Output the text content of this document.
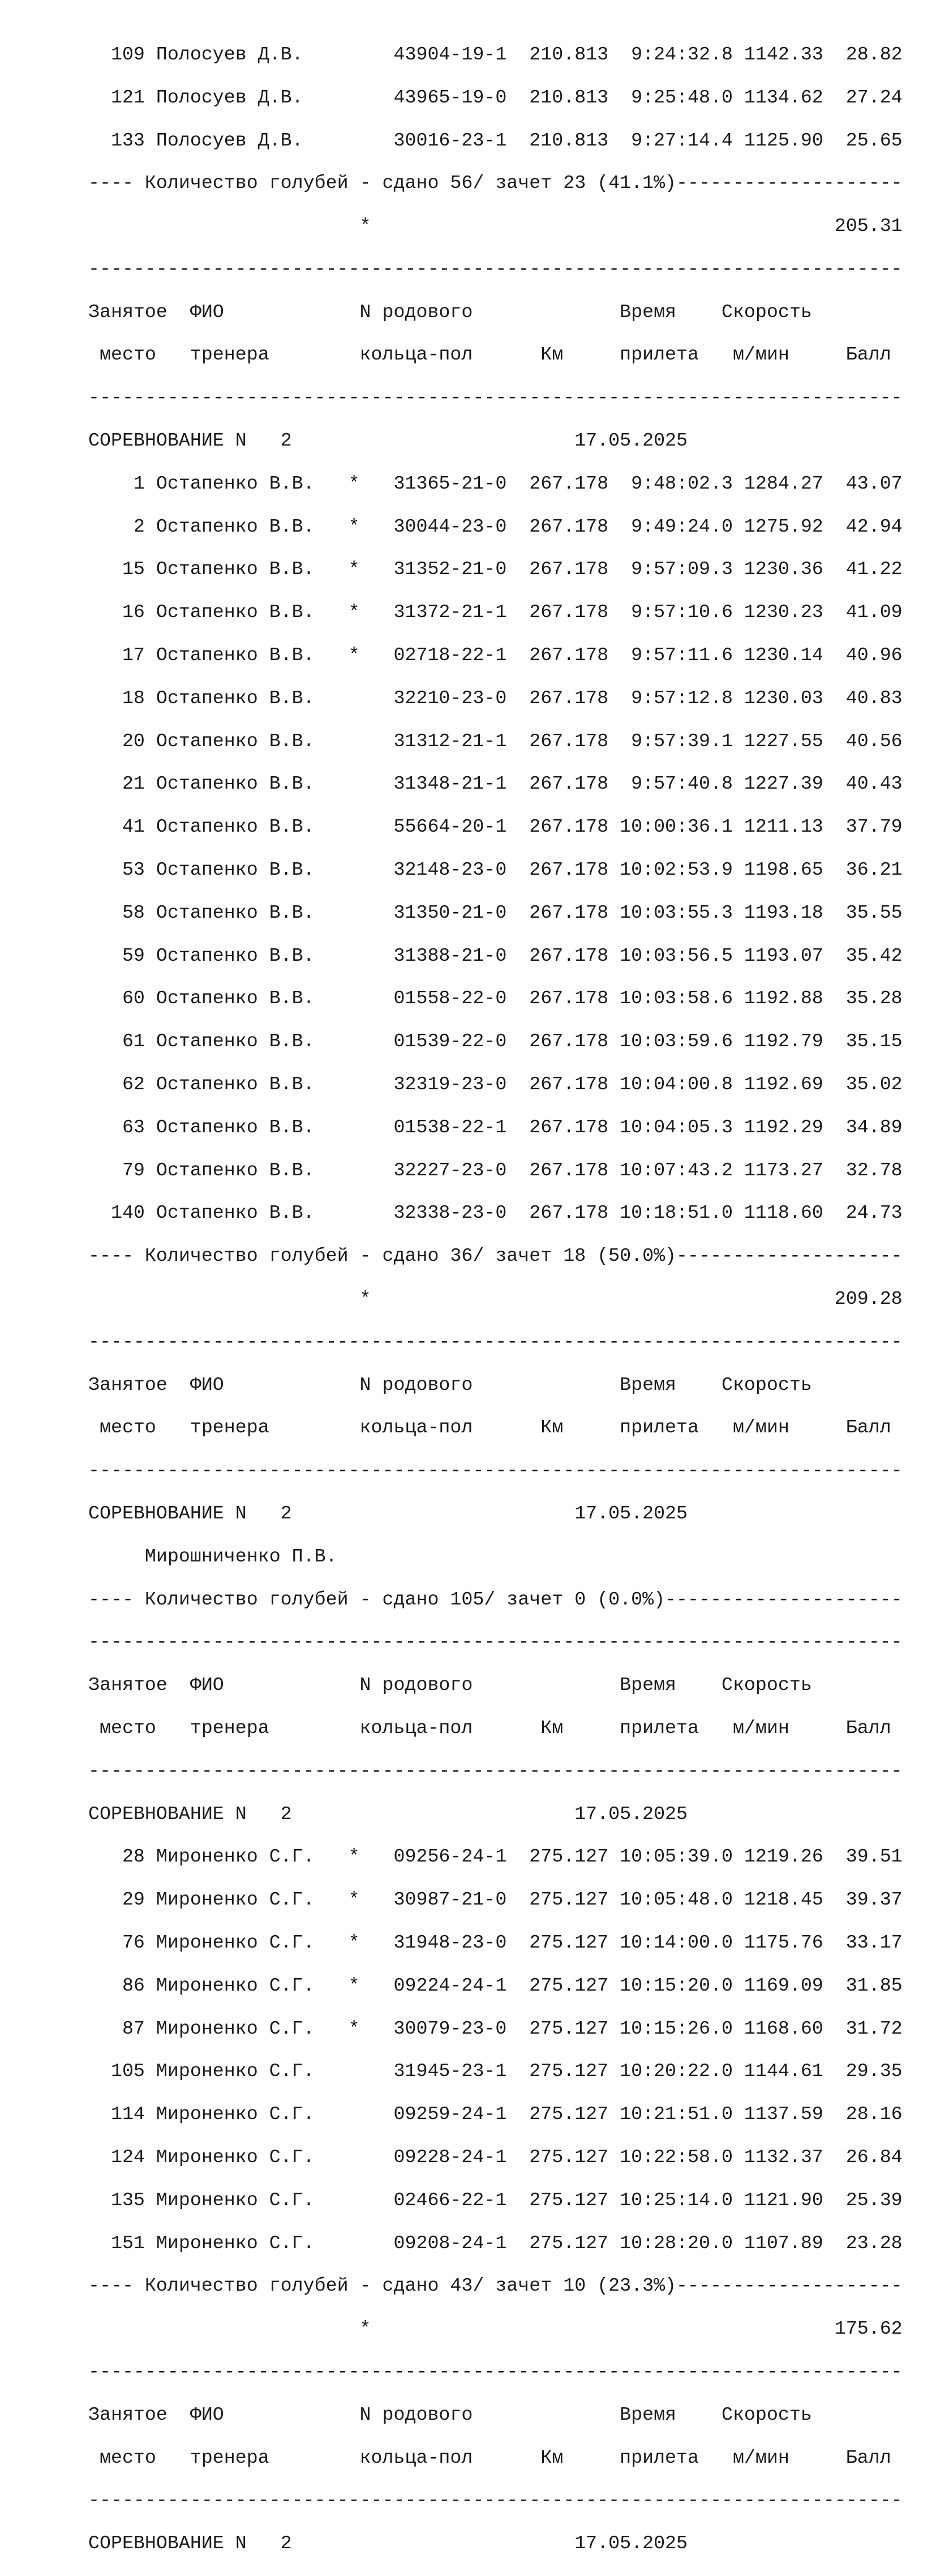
109 Полосуев Д.В.        43904-19-1  210.813  9:24:32.8 1142.33  28.82

121 Полосуев Д.В.        43965-19-0  210.813  9:25:48.0 1134.62  27.24

133 Полосуев Д.В.        30016-23-1  210.813  9:27:14.4 1125.90  25.65

---- Количество голубей - сдано 56/ зачет 23 (41.1%)--------------------

*                                         205.31

------------------------------------------------------------------------

Занятое  ФИО            N родового             Время    Скорость

место   тренера        кольца-пол      Км     прилета   м/мин     Балл

------------------------------------------------------------------------

СОРЕВНОВАНИЕ N   2                         17.05.2025

1 Остапенко В.В.   *   31365-21-0  267.178  9:48:02.3 1284.27  43.07

2 Остапенко В.В.   *   30044-23-0  267.178  9:49:24.0 1275.92  42.94

15 Остапенко В.В.   *   31352-21-0  267.178  9:57:09.3 1230.36  41.22

16 Остапенко В.В.   *   31372-21-1  267.178  9:57:10.6 1230.23  41.09

17 Остапенко В.В.   *   02718-22-1  267.178  9:57:11.6 1230.14  40.96

18 Остапенко В.В.       32210-23-0  267.178  9:57:12.8 1230.03  40.83

20 Остапенко В.В.       31312-21-1  267.178  9:57:39.1 1227.55  40.56

21 Остапенко В.В.       31348-21-1  267.178  9:57:40.8 1227.39  40.43

41 Остапенко В.В.       55664-20-1  267.178 10:00:36.1 1211.13  37.79

53 Остапенко В.В.       32148-23-0  267.178 10:02:53.9 1198.65  36.21

58 Остапенко В.В.       31350-21-0  267.178 10:03:55.3 1193.18  35.55

59 Остапенко В.В.       31388-21-0  267.178 10:03:56.5 1193.07  35.42

60 Остапенко В.В.       01558-22-0  267.178 10:03:58.6 1192.88  35.28

61 Остапенко В.В.       01539-22-0  267.178 10:03:59.6 1192.79  35.15

62 Остапенко В.В.       32319-23-0  267.178 10:04:00.8 1192.69  35.02

63 Остапенко В.В.       01538-22-1  267.178 10:04:05.3 1192.29  34.89

79 Остапенко В.В.       32227-23-0  267.178 10:07:43.2 1173.27  32.78

140 Остапенко В.В.       32338-23-0  267.178 10:18:51.0 1118.60  24.73

---- Количество голубей - сдано 36/ зачет 18 (50.0%)--------------------

*                                         209.28

------------------------------------------------------------------------

Занятое  ФИО            N родового             Время    Скорость

место   тренера        кольца-пол      Км     прилета   м/мин     Балл

------------------------------------------------------------------------

СОРЕВНОВАНИЕ N   2                         17.05.2025

Мирошниченко П.В.

---- Количество голубей - сдано 105/ зачет 0 (0.0%)---------------------

------------------------------------------------------------------------

Занятое  ФИО            N родового             Время    Скорость

место   тренера        кольца-пол      Км     прилета   м/мин     Балл

------------------------------------------------------------------------

СОРЕВНОВАНИЕ N   2                         17.05.2025

28 Мироненко С.Г.   *   09256-24-1  275.127 10:05:39.0 1219.26  39.51

29 Мироненко С.Г.   *   30987-21-0  275.127 10:05:48.0 1218.45  39.37

76 Мироненко С.Г.   *   31948-23-0  275.127 10:14:00.0 1175.76  33.17

86 Мироненко С.Г.   *   09224-24-1  275.127 10:15:20.0 1169.09  31.85

87 Мироненко С.Г.   *   30079-23-0  275.127 10:15:26.0 1168.60  31.72

105 Мироненко С.Г.       31945-23-1  275.127 10:20:22.0 1144.61  29.35

114 Мироненко С.Г.       09259-24-1  275.127 10:21:51.0 1137.59  28.16

124 Мироненко С.Г.       09228-24-1  275.127 10:22:58.0 1132.37  26.84

135 Мироненко С.Г.       02466-22-1  275.127 10:25:14.0 1121.90  25.39

151 Мироненко С.Г.       09208-24-1  275.127 10:28:20.0 1107.89  23.28

---- Количество голубей - сдано 43/ зачет 10 (23.3%)--------------------

*                                         175.62

------------------------------------------------------------------------

Занятое  ФИО            N родового             Время    Скорость

место   тренера        кольца-пол      Км     прилета   м/мин     Балл

------------------------------------------------------------------------

СОРЕВНОВАНИЕ N   2                         17.05.2025
